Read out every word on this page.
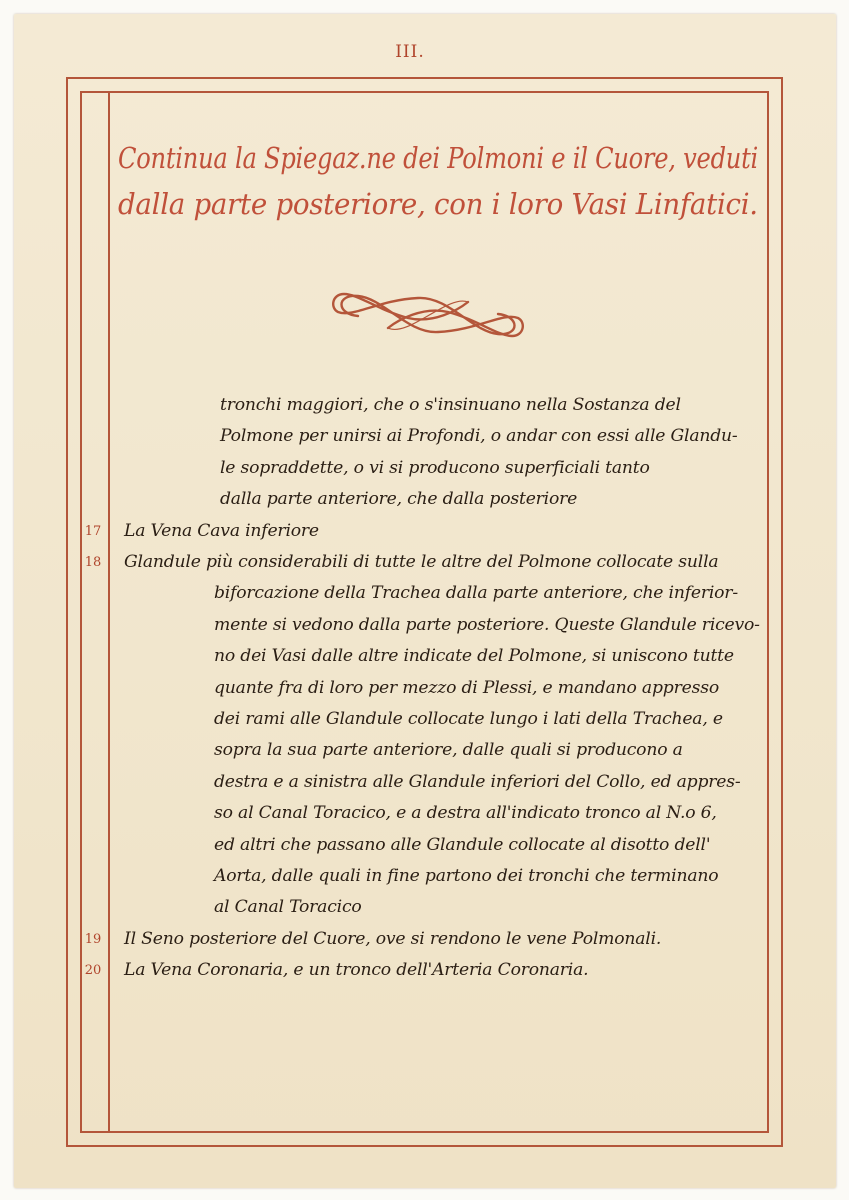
III.
Continua la Spiegaz.ne dei Polmoni e il Cuore, veduti
dalla parte posteriore, con i loro Vasi Linfatici.
tronchi maggiori, che o s'insinuano nella Sostanza del
Polmone per unirsi ai Profondi, o andar con essi alle Glandu-
le sopraddette, o vi si producono superficiali tanto
dalla parte anteriore, che dalla posteriore
17 La Vena Cava inferiore
18 Glandule più considerabili di tutte le altre del Polmone collocate sulla
biforcazione della Trachea dalla parte anteriore, che inferior-
mente si vedono dalla parte posteriore. Queste Glandule ricevo-
no dei Vasi dalle altre indicate del Polmone, si uniscono tutte
quante fra di loro per mezzo di Plessi, e mandano appresso
dei rami alle Glandule collocate lungo i lati della Trachea, e
sopra la sua parte anteriore, dalle quali si producono a
destra e a sinistra alle Glandule inferiori del Collo, ed appres-
so al Canal Toracico, e a destra all'indicato tronco al N.o 6,
ed altri che passano alle Glandule collocate al disotto dell'
Aorta, dalle quali in fine partono dei tronchi che terminano
al Canal Toracico
19 Il Seno posteriore del Cuore, ove si rendono le vene Polmonali.
20 La Vena Coronaria, e un tronco dell'Arteria Coronaria.
